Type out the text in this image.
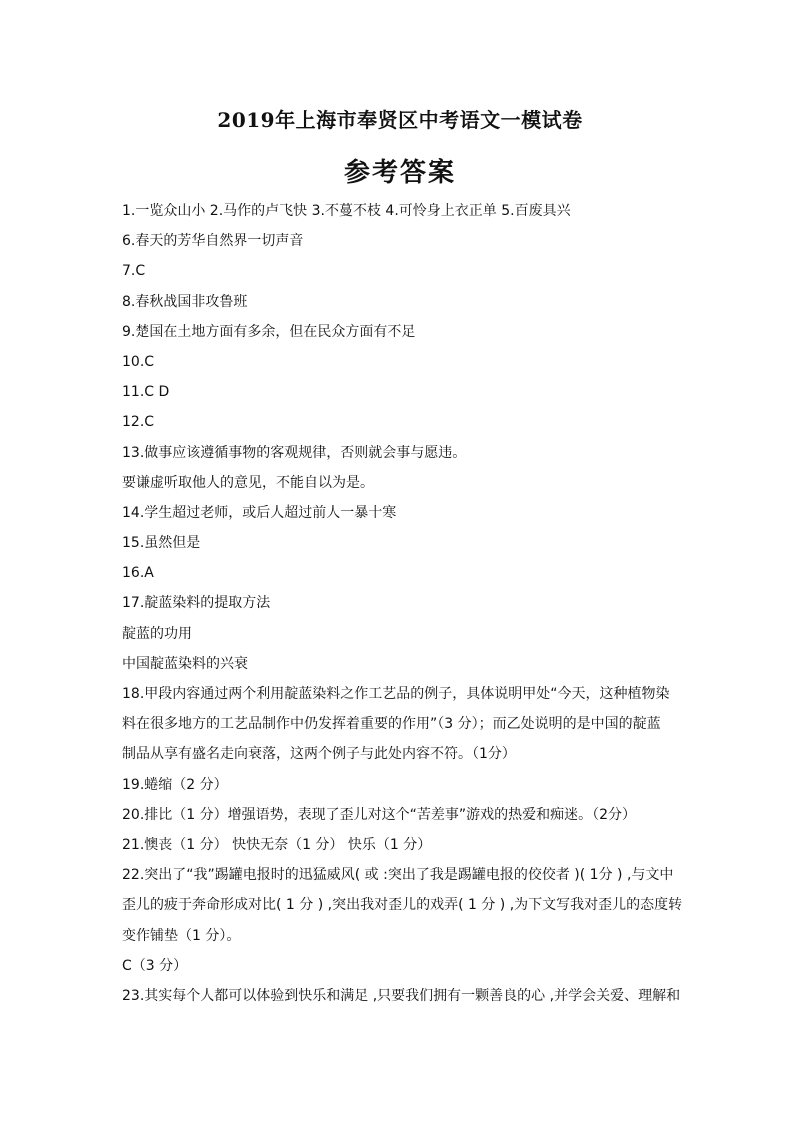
2019年上海市奉贤区中考语文一模试卷
参考答案
1.一览众山小 2.马作的卢飞快 3.不蔓不枝 4.可怜身上衣正单 5.百废具兴
6.春天的芳华自然界一切声音
7.C
8.春秋战国非攻鲁班
9.楚国在土地方面有多余，但在民众方面有不足
10.C
11.C D
12.C
13.做事应该遵循事物的客观规律，否则就会事与愿违。
要谦虚听取他人的意见，不能自以为是。
14.学生超过老师，或后人超过前人一暴十寒
15.虽然但是
16.A
17.靛蓝染料的提取方法
靛蓝的功用
中国靛蓝染料的兴衰
18.甲段内容通过两个利用靛蓝染料之作工艺品的例子，具体说明甲处“今天，这种植物染
料在很多地方的工艺品制作中仍发挥着重要的作用”（3 分）；而乙处说明的是中国的靛蓝
制品从享有盛名走向衰落，这两个例子与此处内容不符。（1分）
19.蜷缩（2 分）
20.排比（1 分）增强语势，表现了歪儿对这个“苦差事”游戏的热爱和痴迷。（2分）
21.懊丧（1 分） 快快无奈（1 分） 快乐（1 分）
22.突出了“我”踢罐电报时的迅猛威风( 或 :突出了我是踢罐电报的佼佼者 )( 1分 ) ,与文中
歪儿的疲于奔命形成对比( 1 分 ) ,突出我对歪儿的戏弄( 1 分 ) ,为下文写我对歪儿的态度转
变作铺垫（1 分）。
C（3 分）
23.其实每个人都可以体验到快乐和满足 ,只要我们拥有一颗善良的心 ,并学会关爱、理解和
